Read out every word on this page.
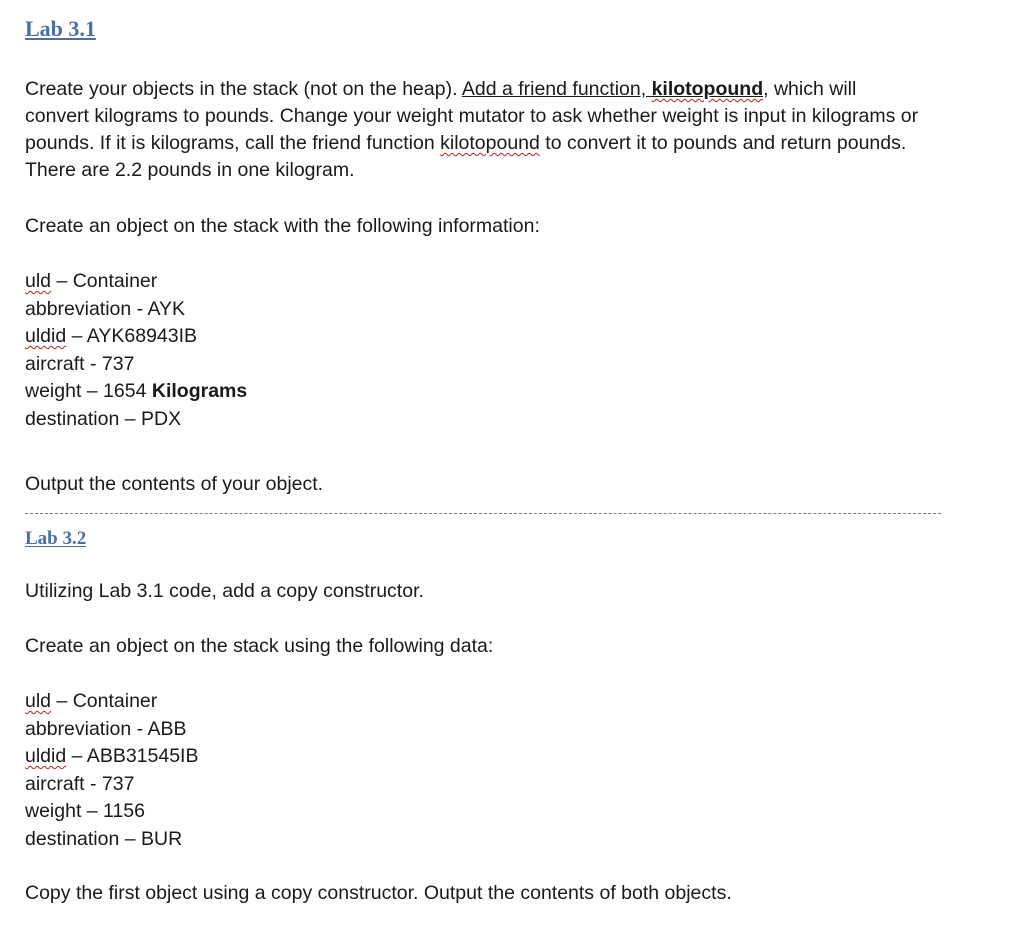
Lab 3.1

Create your objects in the stack (not on the heap). Add a friend function, kilotopound, which will

convert kilograms to pounds. Change your weight mutator to ask whether weight is input in kilograms or

pounds. If it is kilograms, call the friend function kilotopound to convert it to pounds and return pounds.

There are 2.2 pounds in one kilogram.

Create an object on the stack with the following information:
uld – Container
abbreviation - AYK
uldid – AYK68943IB
aircraft - 737
weight – 1654 Kilograms
destination – PDX
Output the contents of your object.
Lab 3.2
Utilizing Lab 3.1 code, add a copy constructor.
Create an object on the stack using the following data:
uld – Container
abbreviation - ABB
uldid – ABB31545IB
aircraft - 737
weight – 1156
destination – BUR
Copy the first object using a copy constructor. Output the contents of both objects.
